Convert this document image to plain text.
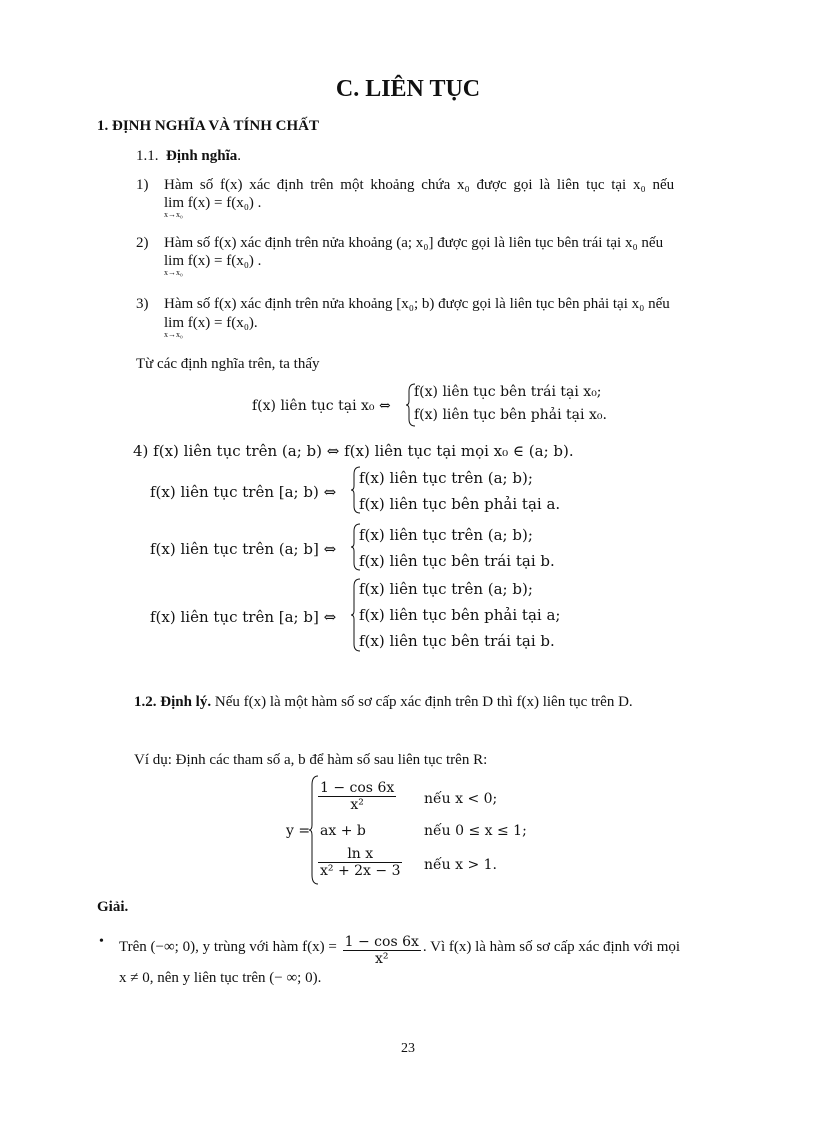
C. LIÊN TỤC
1. ĐỊNH NGHĨA VÀ TÍNH CHẤT
1.1. Định nghĩa.
1) Hàm số f(x) xác định trên một khoảng chứa x₀ được gọi là liên tục tại x₀ nếu
lim f(x) = f(x₀) .
x→x₀
2) Hàm số f(x) xác định trên nửa khoảng (a; x₀] được gọi là liên tục bên trái tại x₀ nếu
lim f(x) = f(x₀) .
x→x₀
3) Hàm số f(x) xác định trên nửa khoảng [x₀; b) được gọi là liên tục bên phải tại x₀ nếu
lim f(x) = f(x₀).
x→x₀
Từ các định nghĩa trên, ta thấy
f(x) liên tục tại x₀ ⇔
f(x) liên tục bên trái tại x₀;
f(x) liên tục bên phải tại x₀.
4) f(x) liên tục trên (a; b) ⇔ f(x) liên tục tại mọi x₀ ∈ (a; b).
f(x) liên tục trên [a; b) ⇔
f(x) liên tục trên (a; b);
f(x) liên tục bên phải tại a.
f(x) liên tục trên (a; b] ⇔
f(x) liên tục trên (a; b);
f(x) liên tục bên trái tại b.
f(x) liên tục trên [a; b] ⇔
f(x) liên tục trên (a; b);
f(x) liên tục bên phải tại a;
f(x) liên tục bên trái tại b.
1.2. Định lý. Nếu f(x) là một hàm số sơ cấp xác định trên D thì f(x) liên tục trên D.
Ví dụ: Định các tham số a, b để hàm số sau liên tục trên R:
y =
$\frac{1 - \cos 6x}{\text{x²}}$ nếu x < 0;
ax + b	nếu 0 ≤ x ≤ 1;
$\frac{\text{ln x}}{\text{x² + 2x − 3}}$ nếu x > 1.
Giải.
• Trên (−∞; 0), y trùng với hàm $f(x) = \frac{1 - \cos 6x}{\text{x²}}$ . Vì f(x) là hàm số sơ cấp xác định với mọi
x ≠ 0, nên y liên tục trên (− ∞; 0).
23
